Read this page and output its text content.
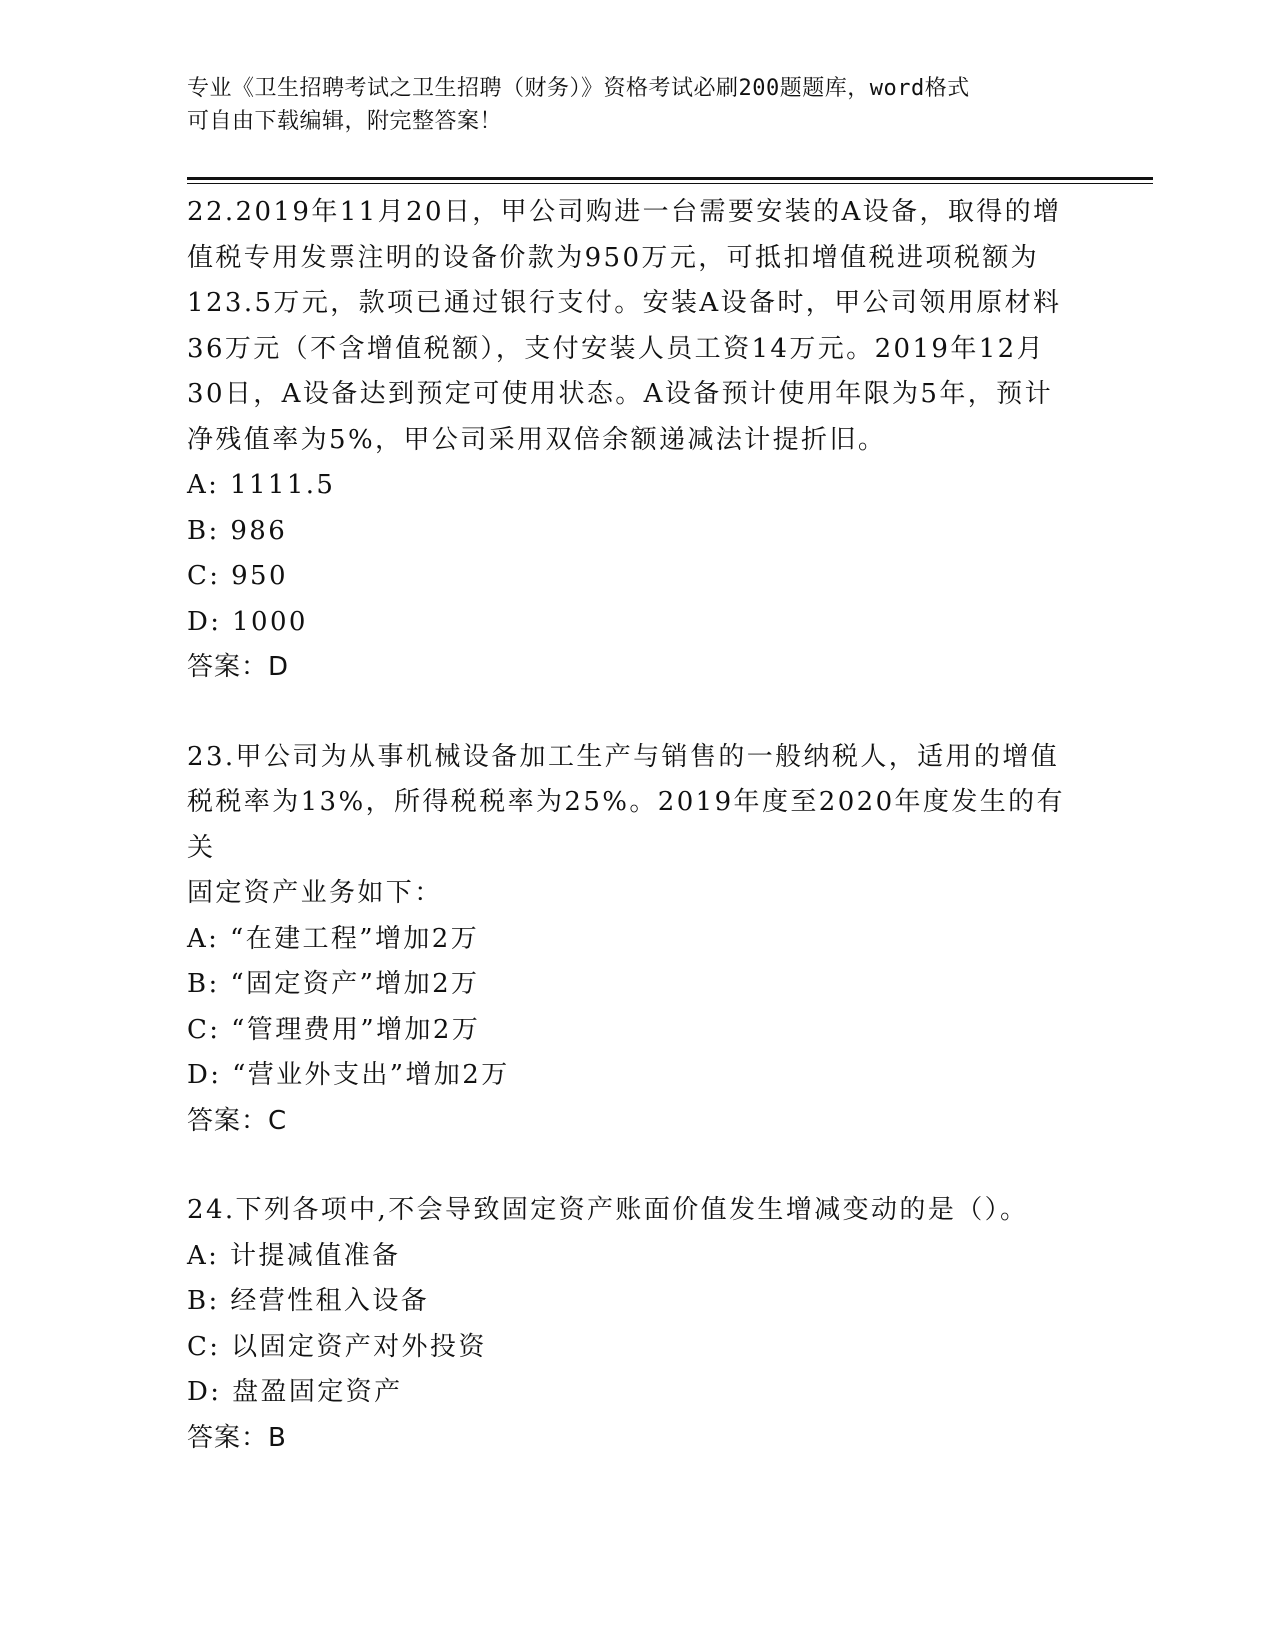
专业《卫生招聘考试之卫生招聘（财务）》资格考试必刷200题题库，word格式
可自由下载编辑，附完整答案！
22.2019年11月20日，甲公司购进一台需要安装的A设备，取得的增
值税专用发票注明的设备价款为950万元，可抵扣增值税进项税额为
123.5万元，款项已通过银行支付。安装A设备时，甲公司领用原材料
36万元（不含增值税额），支付安装人员工资14万元。2019年12月
30日，A设备达到预定可使用状态。A设备预计使用年限为5年，预计
净残值率为5%，甲公司采用双倍余额递减法计提折旧。
A: 1111.5
B: 986
C: 950
D: 1000
答案：D
23.甲公司为从事机械设备加工生产与销售的一般纳税人，适用的增值
税税率为13%，所得税税率为25%。2019年度至2020年度发生的有关
固定资产业务如下：
A: “在建工程”增加2万
B: “固定资产”增加2万
C: “管理费用”增加2万
D: “营业外支出”增加2万
答案：C
24.下列各项中,不会导致固定资产账面价值发生增减变动的是（）。
A: 计提减值准备
B: 经营性租入设备
C: 以固定资产对外投资
D: 盘盈固定资产
答案：B
